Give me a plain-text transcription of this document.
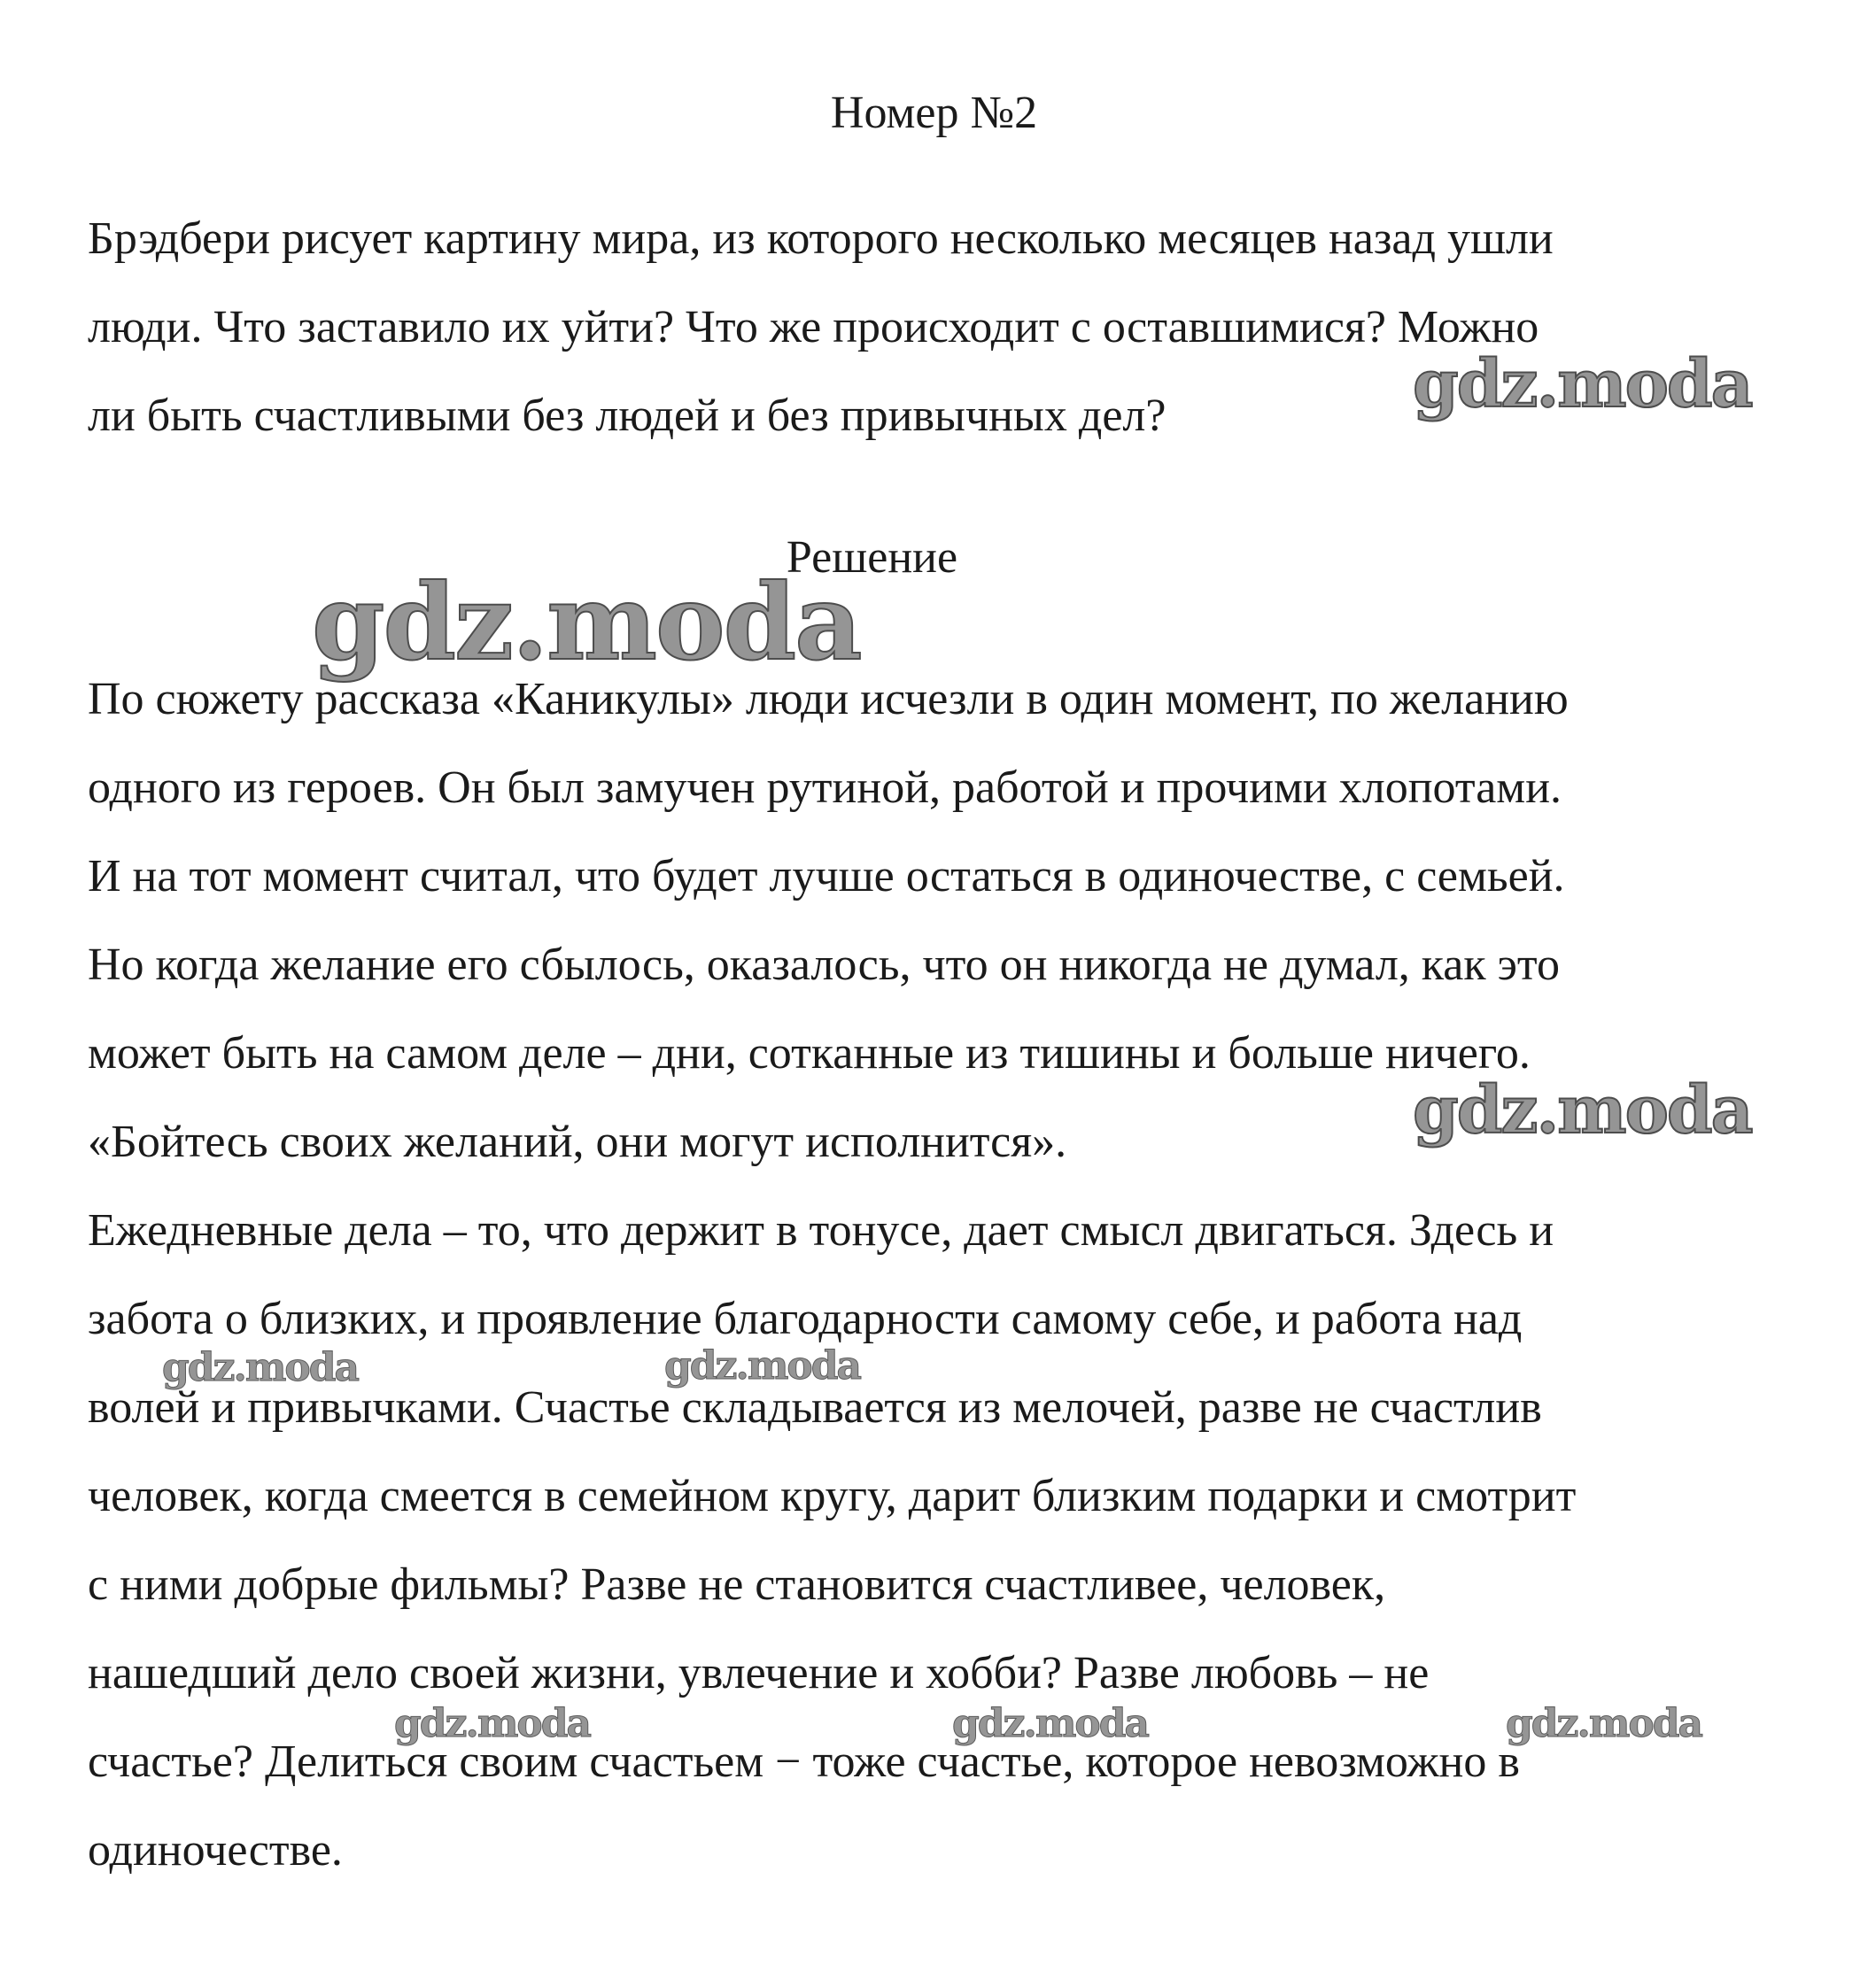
Номер №2
Брэдбери рисует картину мира, из которого несколько месяцев назад ушли
люди. Что заставило их уйти? Что же происходит с оставшимися? Можно
ли быть счастливыми без людей и без привычных дел?
Решение
По сюжету рассказа «Каникулы» люди исчезли в один момент, по желанию
одного из героев. Он был замучен рутиной, работой и прочими хлопотами.
И на тот момент считал, что будет лучше остаться в одиночестве, с семьей.
Но когда желание его сбылось, оказалось, что он никогда не думал, как это
может быть на самом деле – дни, сотканные из тишины и больше ничего.
«Бойтесь своих желаний, они могут исполнится».
Ежедневные дела – то, что держит в тонусе, дает смысл двигаться. Здесь и
забота о близких, и проявление благодарности самому себе, и работа над
волей и привычками. Счастье складывается из мелочей, разве не счастлив
человек, когда смеется в семейном кругу, дарит близким подарки и смотрит
с ними добрые фильмы? Разве не становится счастливее, человек,
нашедший дело своей жизни, увлечение и хобби? Разве любовь – не
счастье? Делиться своим счастьем − тоже счастье, которое невозможно в
одиночестве.
gdz.moda
gdz.moda
gdz.moda
gdz.moda	gdz.moda
gdz.moda	gdz.moda	gdz.moda
